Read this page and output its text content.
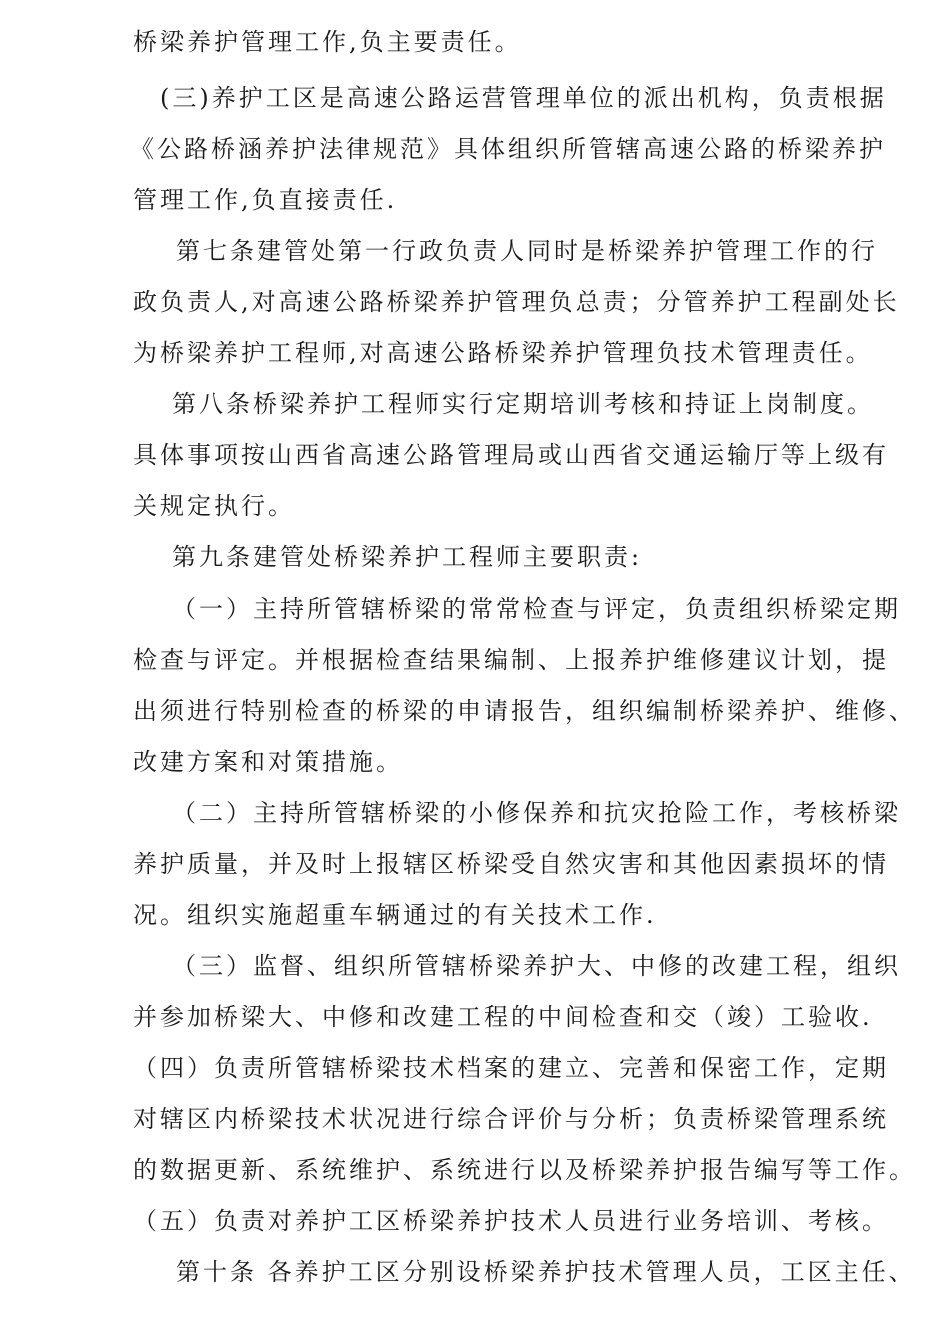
桥梁养护管理工作,负主要责任。
(三)养护工区是高速公路运营管理单位的派出机构，负责根据
《公路桥涵养护法律规范》具体组织所管辖高速公路的桥梁养护
管理工作,负直接责任.
第七条建管处第一行政负责人同时是桥梁养护管理工作的行
政负责人,对高速公路桥梁养护管理负总责；分管养护工程副处长
为桥梁养护工程师,对高速公路桥梁养护管理负技术管理责任。
第八条桥梁养护工程师实行定期培训考核和持证上岗制度。
具体事项按山西省高速公路管理局或山西省交通运输厅等上级有
关规定执行。
第九条建管处桥梁养护工程师主要职责:
（一）主持所管辖桥梁的常常检查与评定，负责组织桥梁定期
检查与评定。并根据检查结果编制、上报养护维修建议计划，提
出须进行特别检查的桥梁的申请报告，组织编制桥梁养护、维修、
改建方案和对策措施。
（二）主持所管辖桥梁的小修保养和抗灾抢险工作，考核桥梁
养护质量，并及时上报辖区桥梁受自然灾害和其他因素损坏的情
况。组织实施超重车辆通过的有关技术工作.
（三）监督、组织所管辖桥梁养护大、中修的改建工程，组织
并参加桥梁大、中修和改建工程的中间检查和交（竣）工验收.
（四）负责所管辖桥梁技术档案的建立、完善和保密工作，定期
对辖区内桥梁技术状况进行综合评价与分析；负责桥梁管理系统
的数据更新、系统维护、系统进行以及桥梁养护报告编写等工作。
（五）负责对养护工区桥梁养护技术人员进行业务培训、考核。
第十条 各养护工区分别设桥梁养护技术管理人员，工区主任、
